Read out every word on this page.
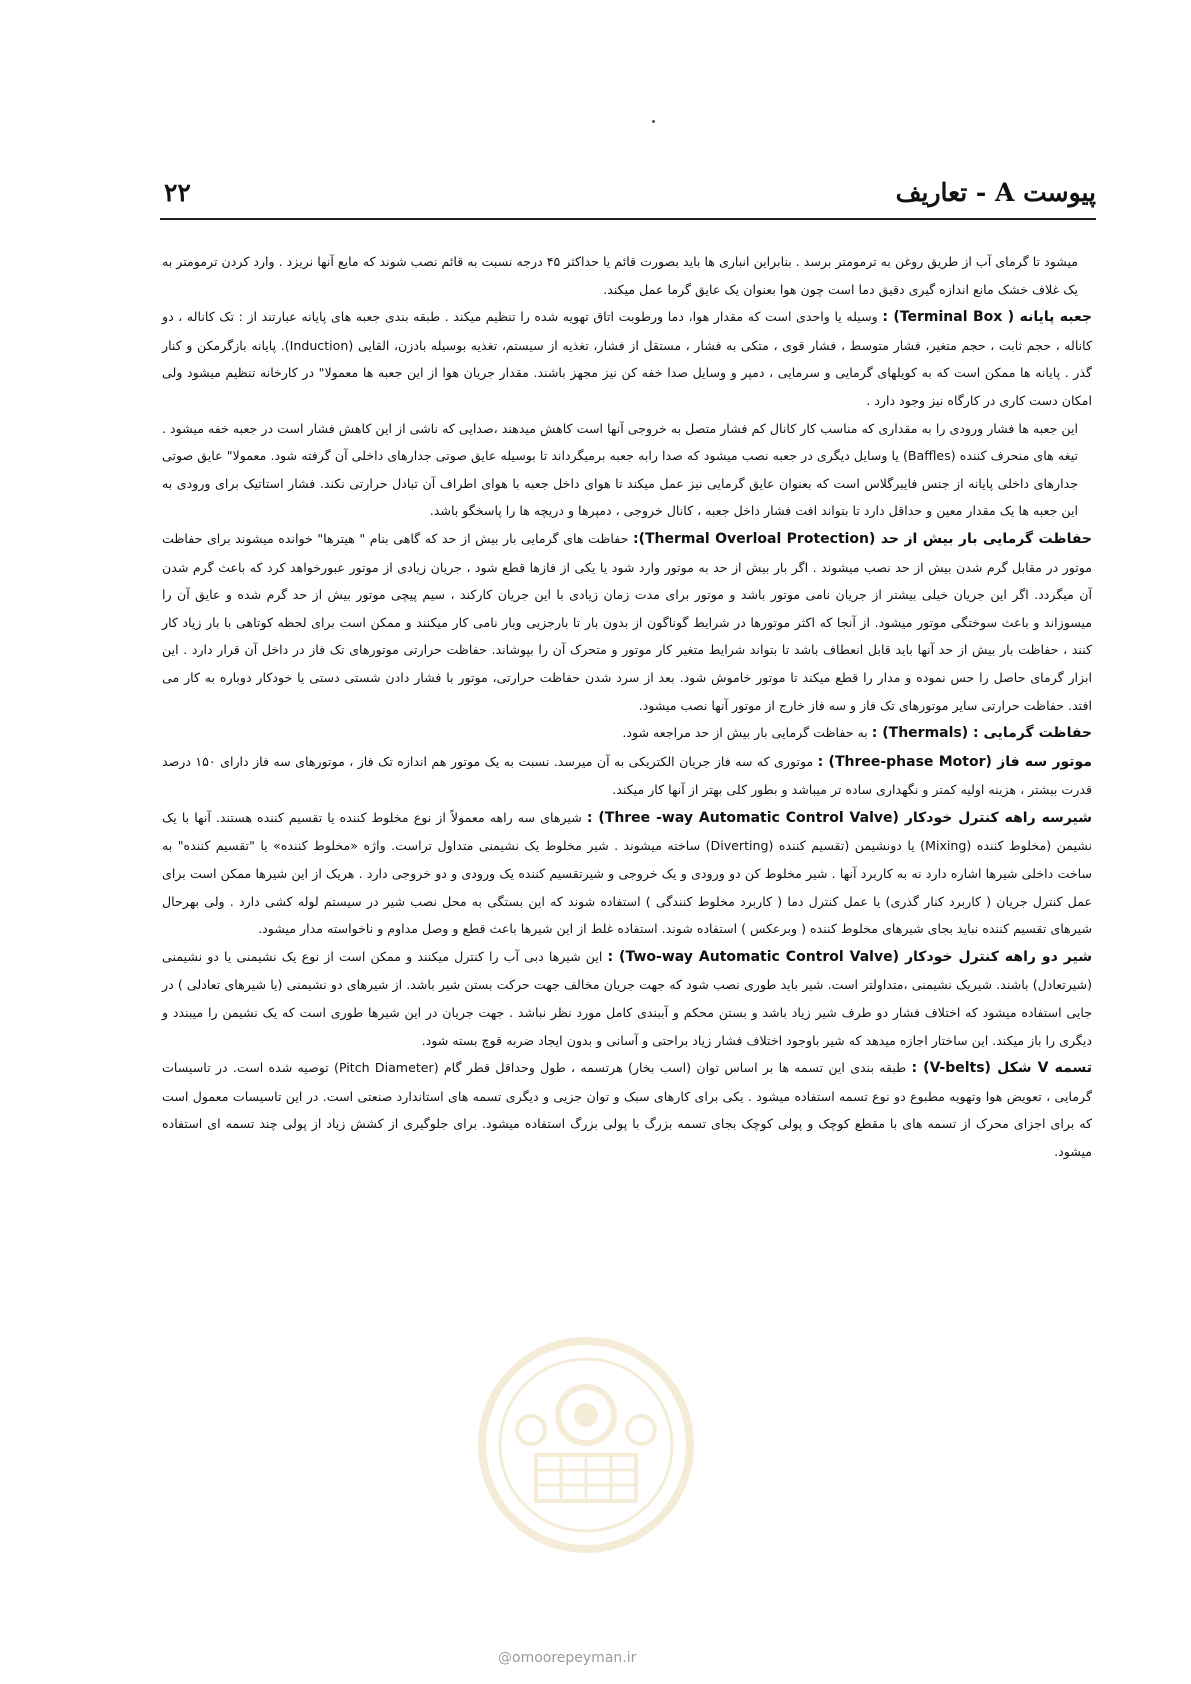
پیوست A - تعاریف
۲۲

میشود تا گرمای آب از طریق روغن به ترمومتر برسد . بنابراین انباری ها باید بصورت قائم یا حداکثر ۴۵ درجه نسبت به قائم نصب شوند که مایع آنها نریزد . وارد کردن ترمومتر به یک غلاف خشک مانع اندازه گیری دقیق دما است چون هوا بعنوان یک عایق گرما عمل میکند.

جعبه پایانه ( Terminal Box) : وسیله یا واحدی است که مقدار هوا، دما ورطوبت اتاق تهویه شده را تنظیم میکند . طبقه بندی جعبه های پایانه عبارتند از : تک کاناله ، دو کاناله ، حجم ثابت ، حجم متغیر، فشار متوسط ، فشار قوی ، متکی به فشار ، مستقل از فشار، تغذیه از سیستم، تغذیه بوسیله بادزن، القایی (Induction). پایانه بازگرمکن و کنار گذر . پایانه ها ممکن است که به کویلهای گرمایی و سرمایی ، دمپر و وسایل صدا خفه کن نیز مجهز باشند. مقدار جریان هوا از این جعبه ها معمولا" در کارخانه تنظیم میشود ولی امکان دست کاری در کارگاه نیز وجود دارد .

این جعبه ها فشار ورودی را به مقداری که مناسب کار کانال کم فشار متصل به خروجی آنها است کاهش میدهند ،صدایی که ناشی از این کاهش فشار است در جعبه خفه میشود . تیغه های منحرف کننده (Baffles) یا وسایل دیگری در جعبه نصب میشود که صدا رابه جعبه برمیگرداند تا بوسیله عایق صوتی جدارهای داخلی آن گرفته شود. معمولا" عایق صوتی جدارهای داخلی پایانه از جنس فایبرگلاس است که بعنوان عایق گرمایی نیز عمل میکند تا هوای داخل جعبه با هوای اطراف آن تبادل حرارتی نکند. فشار استاتیک برای ورودی به این جعبه ها یک مقدار معین و حداقل دارد تا بتواند افت فشار داخل جعبه ، کانال خروجی ، دمپرها و دریچه ها را پاسخگو باشد.

حفاظت گرمایی بار بیش از حد (Thermal Overloal Protection): حفاظت های گرمایی بار بیش از حد که گاهی بنام " هیترها" خوانده میشوند برای حفاظت موتور در مقابل گرم شدن بیش از حد نصب میشوند . اگر بار بیش از حد به موتور وارد شود یا یکی از فازها قطع شود ، جریان زیادی از موتور عبورخواهد کرد که باعث گرم شدن آن میگردد. اگر این جریان خیلی بیشتر از جریان نامی موتور باشد و موتور برای مدت زمان زیادی با این جریان کارکند ، سیم پیچی موتور بیش از حد گرم شده و عایق آن را میسوزاند و باعث سوختگی موتور میشود. از آنجا که اکثر موتورها در شرایط گوناگون از بدون بار تا بارجزیی وبار نامی کار میکنند و ممکن است برای لحظه کوتاهی با بار زیاد کار کنند ، حفاظت بار بیش از حد آنها باید قابل انعطاف باشد تا بتواند شرایط متغیر کار موتور و متحرک آن را بپوشاند. حفاظت حرارتی موتورهای تک فاز در داخل آن قرار دارد . این ابزار گرمای حاصل را حس نموده و مدار را قطع میکند تا موتور خاموش شود. بعد از سرد شدن حفاظت حرارتی، موتور با فشار دادن شستی دستی یا خودکار دوباره به کار می افتد. حفاظت حرارتی سایر موتورهای تک فاز و سه فاز خارج از موتور آنها نصب میشود.

حفاظت گرمایی : (Thermals) : به حفاظت گرمایی بار بیش از حد مراجعه شود.

موتور سه فاز (Three-phase Motor) : موتوری که سه فاز جریان الکتریکی به آن میرسد. نسبت به یک موتور هم اندازه تک فاز ، موتورهای سه فاز دارای ۱۵۰ درصد قدرت بیشتر ، هزینه اولیه کمتر و نگهداری ساده تر میباشد و بطور کلی بهتر از آنها کار میکند.

شیرسه راهه کنترل خودکار (Three -way Automatic Control Valve) : شیرهای سه راهه معمولاً از نوع مخلوط کننده یا تقسیم کننده هستند. آنها با یک نشیمن (مخلوط کننده (Mixing) یا دونشیمن (تقسیم کننده (Diverting) ساخته میشوند . شیر مخلوط یک نشیمنی متداول تراست. واژه «مخلوط کننده» یا "تقسیم کننده" به ساخت داخلی شیرها اشاره دارد نه به کاربرد آنها . شیر مخلوط کن دو ورودی و یک خروجی و شیرتقسیم کننده یک ورودی و دو خروجی دارد . هریک از این شیرها ممکن است برای عمل کنترل جریان ( کاربرد کنار گذری) یا عمل کنترل دما ( کاربرد مخلوط کنندگی ) استفاده شوند که این بستگی به محل نصب شیر در سیستم لوله کشی دارد . ولی بهرحال شیرهای تقسیم کننده نباید بجای شیرهای مخلوط کننده ( وبرعکس ) استفاده شوند. استفاده غلط از این شیرها باعث قطع و وصل مداوم و ناخواسته مدار میشود.

شیر دو راهه کنترل خودکار (Two-way Automatic Control Valve) : این شیرها دبی آب را کنترل میکنند و ممکن است از نوع یک نشیمنی یا دو نشیمنی (شیرتعادل) باشند. شیریک نشیمنی ،متداولتر است. شیر باید طوری نصب شود که جهت جریان مخالف جهت حرکت بستن شیر باشد. از شیرهای دو نشیمنی (یا شیرهای تعادلی ) در جایی استفاده میشود که اختلاف فشار دو طرف شیر زیاد باشد و بستن محکم و آببندی کامل مورد نظر نباشد . جهت جریان در این شیرها طوری است که یک نشیمن را میبندد و دیگری را باز میکند. این ساختار اجازه میدهد که شیر باوجود اختلاف فشار زیاد براحتی و آسانی و بدون ایجاد ضربه قوچ بسته شود.

تسمه V شکل (V-belts) : طبقه بندی این تسمه ها بر اساس توان (اسب بخار) هرتسمه ، طول وحداقل قطر گام (Pitch Diameter) توصیه شده است. در تاسیسات گرمایی ، تعویض هوا وتهویه مطبوع دو نوع تسمه استفاده میشود . یکی برای کارهای سبک و توان جزیی و دیگری تسمه های استاندارد صنعتی است. در این تاسیسات معمول است که برای اجزای محرک از تسمه های با مقطع کوچک و پولی کوچک بجای تسمه بزرگ با پولی بزرگ استفاده میشود. برای جلوگیری از کشش زیاد از پولی چند تسمه ای استفاده میشود.

@omoorepeyman.ir
